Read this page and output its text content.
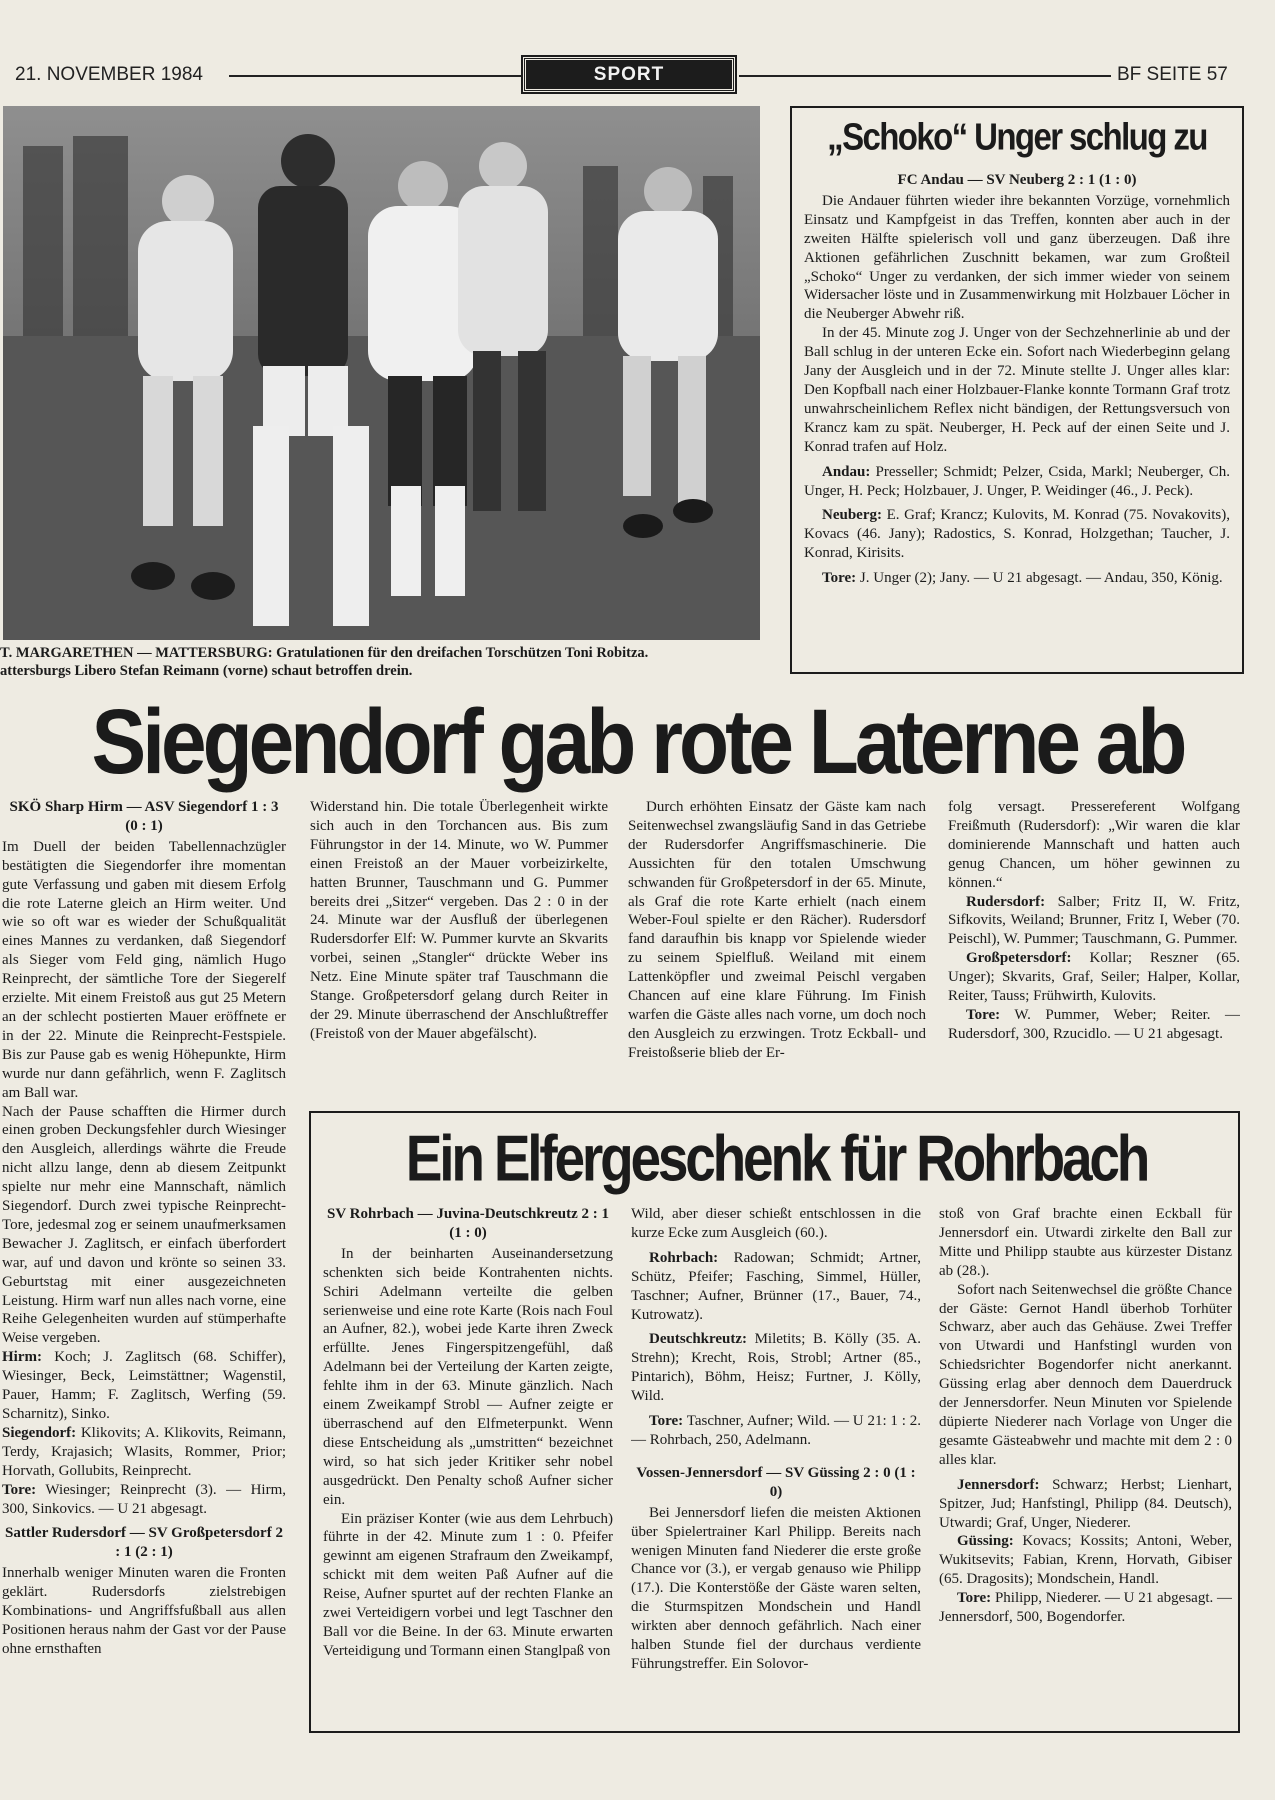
21. NOVEMBER 1984	SPORT	BF SEITE 57
T. MARGARETHEN — MATTERSBURG: Gratulationen für den dreifachen Torschützen Toni Robitza.
attersburgs Libero Stefan Reimann (vorne) schaut betroffen drein.
„Schoko“ Unger schlug zu

FC Andau — SV Neuberg 2 : 1 (1 : 0)

Die Andauer führten wieder ihre bekannten Vorzüge, vornehmlich Einsatz und Kampfgeist in das Treffen, konnten aber auch in der zweiten Hälfte spielerisch voll und ganz überzeugen. Daß ihre Aktionen gefährlichen Zuschnitt bekamen, war zum Großteil „Schoko“ Unger zu verdanken, der sich immer wieder von seinem Widersacher löste und in Zusammenwirkung mit Holzbauer Löcher in die Neuberger Abwehr riß.

In der 45. Minute zog J. Unger von der Sechzehnerlinie ab und der Ball schlug in der unteren Ecke ein. Sofort nach Wiederbeginn gelang Jany der Ausgleich und in der 72. Minute stellte J. Unger alles klar: Den Kopfball nach einer Holzbauer-Flanke konnte Tormann Graf trotz unwahrscheinlichem Reflex nicht bändigen, der Rettungsversuch von Krancz kam zu spät. Neuberger, H. Peck auf der einen Seite und J. Konrad trafen auf Holz.

Andau: Presseller; Schmidt; Pelzer, Csida, Markl; Neuberger, Ch. Unger, H. Peck; Holzbauer, J. Unger, P. Weidinger (46., J. Peck).

Neuberg: E. Graf; Krancz; Kulovits, M. Konrad (75. Novakovits), Kovacs (46. Jany); Radostics, S. Konrad, Holzgethan; Taucher, J. Konrad, Kirisits.

Tore: J. Unger (2); Jany. — U 21 abgesagt. — Andau, 350, König.

Siegendorf gab rote Laterne ab

SKÖ Sharp Hirm — ASV Siegendorf 1 : 3 (0 : 1)

Im Duell der beiden Tabellennachzügler bestätigten die Siegendorfer ihre momentan gute Verfassung und gaben mit diesem Erfolg die rote Laterne gleich an Hirm weiter. Und wie so oft war es wieder der Schußqualität eines Mannes zu verdanken, daß Siegendorf als Sieger vom Feld ging, nämlich Hugo Reinprecht, der sämtliche Tore der Siegerelf erzielte. Mit einem Freistoß aus gut 25 Metern an der schlecht postierten Mauer eröffnete er in der 22. Minute die Reinprecht-Festspiele. Bis zur Pause gab es wenig Höhepunkte, Hirm wurde nur dann gefährlich, wenn F. Zaglitsch am Ball war.

Nach der Pause schafften die Hirmer durch einen groben Deckungsfehler durch Wiesinger den Ausgleich, allerdings währte die Freude nicht allzu lange, denn ab diesem Zeitpunkt spielte nur mehr eine Mannschaft, nämlich Siegendorf. Durch zwei typische Reinprecht-Tore, jedesmal zog er seinem unaufmerksamen Bewacher J. Zaglitsch, er einfach überfordert war, auf und davon und krönte so seinen 33. Geburtstag mit einer ausgezeichneten Leistung. Hirm warf nun alles nach vorne, eine Reihe Gelegenheiten wurden auf stümperhafte Weise vergeben.

Hirm: Koch; J. Zaglitsch (68. Schiffer), Wiesinger, Beck, Leimstättner; Wagenstil, Pauer, Hamm; F. Zaglitsch, Werfing (59. Scharnitz), Sinko.

Siegendorf: Klikovits; A. Klikovits, Reimann, Terdy, Krajasich; Wlasits, Rommer, Prior; Horvath, Gollubits, Reinprecht.

Tore: Wiesinger; Reinprecht (3). — Hirm, 300, Sinkovics. — U 21 abgesagt.

Sattler Rudersdorf — SV Großpetersdorf 2 : 1 (2 : 1)

Innerhalb weniger Minuten waren die Fronten geklärt. Rudersdorfs zielstrebigen Kombinations- und Angriffsfußball aus allen Positionen heraus nahm der Gast vor der Pause ohne ernsthaften

Widerstand hin. Die totale Überlegenheit wirkte sich auch in den Torchancen aus. Bis zum Führungstor in der 14. Minute, wo W. Pummer einen Freistoß an der Mauer vorbeizirkelte, hatten Brunner, Tauschmann und G. Pummer bereits drei „Sitzer“ vergeben. Das 2 : 0 in der 24. Minute war der Ausfluß der überlegenen Rudersdorfer Elf: W. Pummer kurvte an Skvarits vorbei, seinen „Stangler“ drückte Weber ins Netz. Eine Minute später traf Tauschmann die Stange. Großpetersdorf gelang durch Reiter in der 29. Minute überraschend der Anschlußtreffer (Freistoß von der Mauer abgefälscht).

Durch erhöhten Einsatz der Gäste kam nach Seitenwechsel zwangsläufig Sand in das Getriebe der Rudersdorfer Angriffsmaschinerie. Die Aussichten für den totalen Umschwung schwanden für Großpetersdorf in der 65. Minute, als Graf die rote Karte erhielt (nach einem Weber-Foul spielte er den Rächer). Rudersdorf fand daraufhin bis knapp vor Spielende wieder zu seinem Spielfluß. Weiland mit einem Lattenköpfler und zweimal Peischl vergaben Chancen auf eine klare Führung. Im Finish warfen die Gäste alles nach vorne, um doch noch den Ausgleich zu erzwingen. Trotz Eckball- und Freistoßserie blieb der Er-

folg versagt. Pressereferent Wolfgang Freißmuth (Rudersdorf): „Wir waren die klar dominierende Mannschaft und hatten auch genug Chancen, um höher gewinnen zu können.“

Rudersdorf: Salber; Fritz II, W. Fritz, Sifkovits, Weiland; Brunner, Fritz I, Weber (70. Peischl), W. Pummer; Tauschmann, G. Pummer.

Großpetersdorf: Kollar; Reszner (65. Unger); Skvarits, Graf, Seiler; Halper, Kollar, Reiter, Tauss; Frühwirth, Kulovits.

Tore: W. Pummer, Weber; Reiter. — Rudersdorf, 300, Rzucidlo. — U 21 abgesagt.

Ein Elfergeschenk für Rohrbach

SV Rohrbach — Juvina-Deutschkreutz 2 : 1 (1 : 0)

In der beinharten Auseinandersetzung schenkten sich beide Kontrahenten nichts. Schiri Adelmann verteilte die gelben serienweise und eine rote Karte (Rois nach Foul an Aufner, 82.), wobei jede Karte ihren Zweck erfüllte. Jenes Fingerspitzengefühl, daß Adelmann bei der Verteilung der Karten zeigte, fehlte ihm in der 63. Minute gänzlich. Nach einem Zweikampf Strobl — Aufner zeigte er überraschend auf den Elfmeterpunkt. Wenn diese Entscheidung als „umstritten“ bezeichnet wird, so hat sich jeder Kritiker sehr nobel ausgedrückt. Den Penalty schoß Aufner sicher ein.

Ein präziser Konter (wie aus dem Lehrbuch) führte in der 42. Minute zum 1 : 0. Pfeifer gewinnt am eigenen Strafraum den Zweikampf, schickt mit dem weiten Paß Aufner auf die Reise, Aufner spurtet auf der rechten Flanke an zwei Verteidigern vorbei und legt Taschner den Ball vor die Beine. In der 63. Minute erwarten Verteidigung und Tormann einen Stanglpaß von

Wild, aber dieser schießt entschlossen in die kurze Ecke zum Ausgleich (60.).

Rohrbach: Radowan; Schmidt; Artner, Schütz, Pfeifer; Fasching, Simmel, Hüller, Taschner; Aufner, Brünner (17., Bauer, 74., Kutrowatz).

Deutschkreutz: Miletits; B. Kölly (35. A. Strehn); Krecht, Rois, Strobl; Artner (85., Pintarich), Böhm, Heisz; Furtner, J. Kölly, Wild.

Tore: Taschner, Aufner; Wild. — U 21: 1 : 2. — Rohrbach, 250, Adelmann.

Vossen-Jennersdorf — SV Güssing 2 : 0 (1 : 0)

Bei Jennersdorf liefen die meisten Aktionen über Spielertrainer Karl Philipp. Bereits nach wenigen Minuten fand Niederer die erste große Chance vor (3.), er vergab genauso wie Philipp (17.). Die Konterstöße der Gäste waren selten, die Sturmspitzen Mondschein und Handl wirkten aber dennoch gefährlich. Nach einer halben Stunde fiel der durchaus verdiente Führungstreffer. Ein Solovor-

stoß von Graf brachte einen Eckball für Jennersdorf ein. Utwardi zirkelte den Ball zur Mitte und Philipp staubte aus kürzester Distanz ab (28.).

Sofort nach Seitenwechsel die größte Chance der Gäste: Gernot Handl überhob Torhüter Schwarz, aber auch das Gehäuse. Zwei Treffer von Utwardi und Hanfstingl wurden von Schiedsrichter Bogendorfer nicht anerkannt. Güssing erlag aber dennoch dem Dauerdruck der Jennersdorfer. Neun Minuten vor Spielende düpierte Niederer nach Vorlage von Unger die gesamte Gästeabwehr und machte mit dem 2 : 0 alles klar.

Jennersdorf: Schwarz; Herbst; Lienhart, Spitzer, Jud; Hanfstingl, Philipp (84. Deutsch), Utwardi; Graf, Unger, Niederer.

Güssing: Kovacs; Kossits; Antoni, Weber, Wukitsevits; Fabian, Krenn, Horvath, Gibiser (65. Dragosits); Mondschein, Handl.

Tore: Philipp, Niederer. — U 21 abgesagt. — Jennersdorf, 500, Bogendorfer.
